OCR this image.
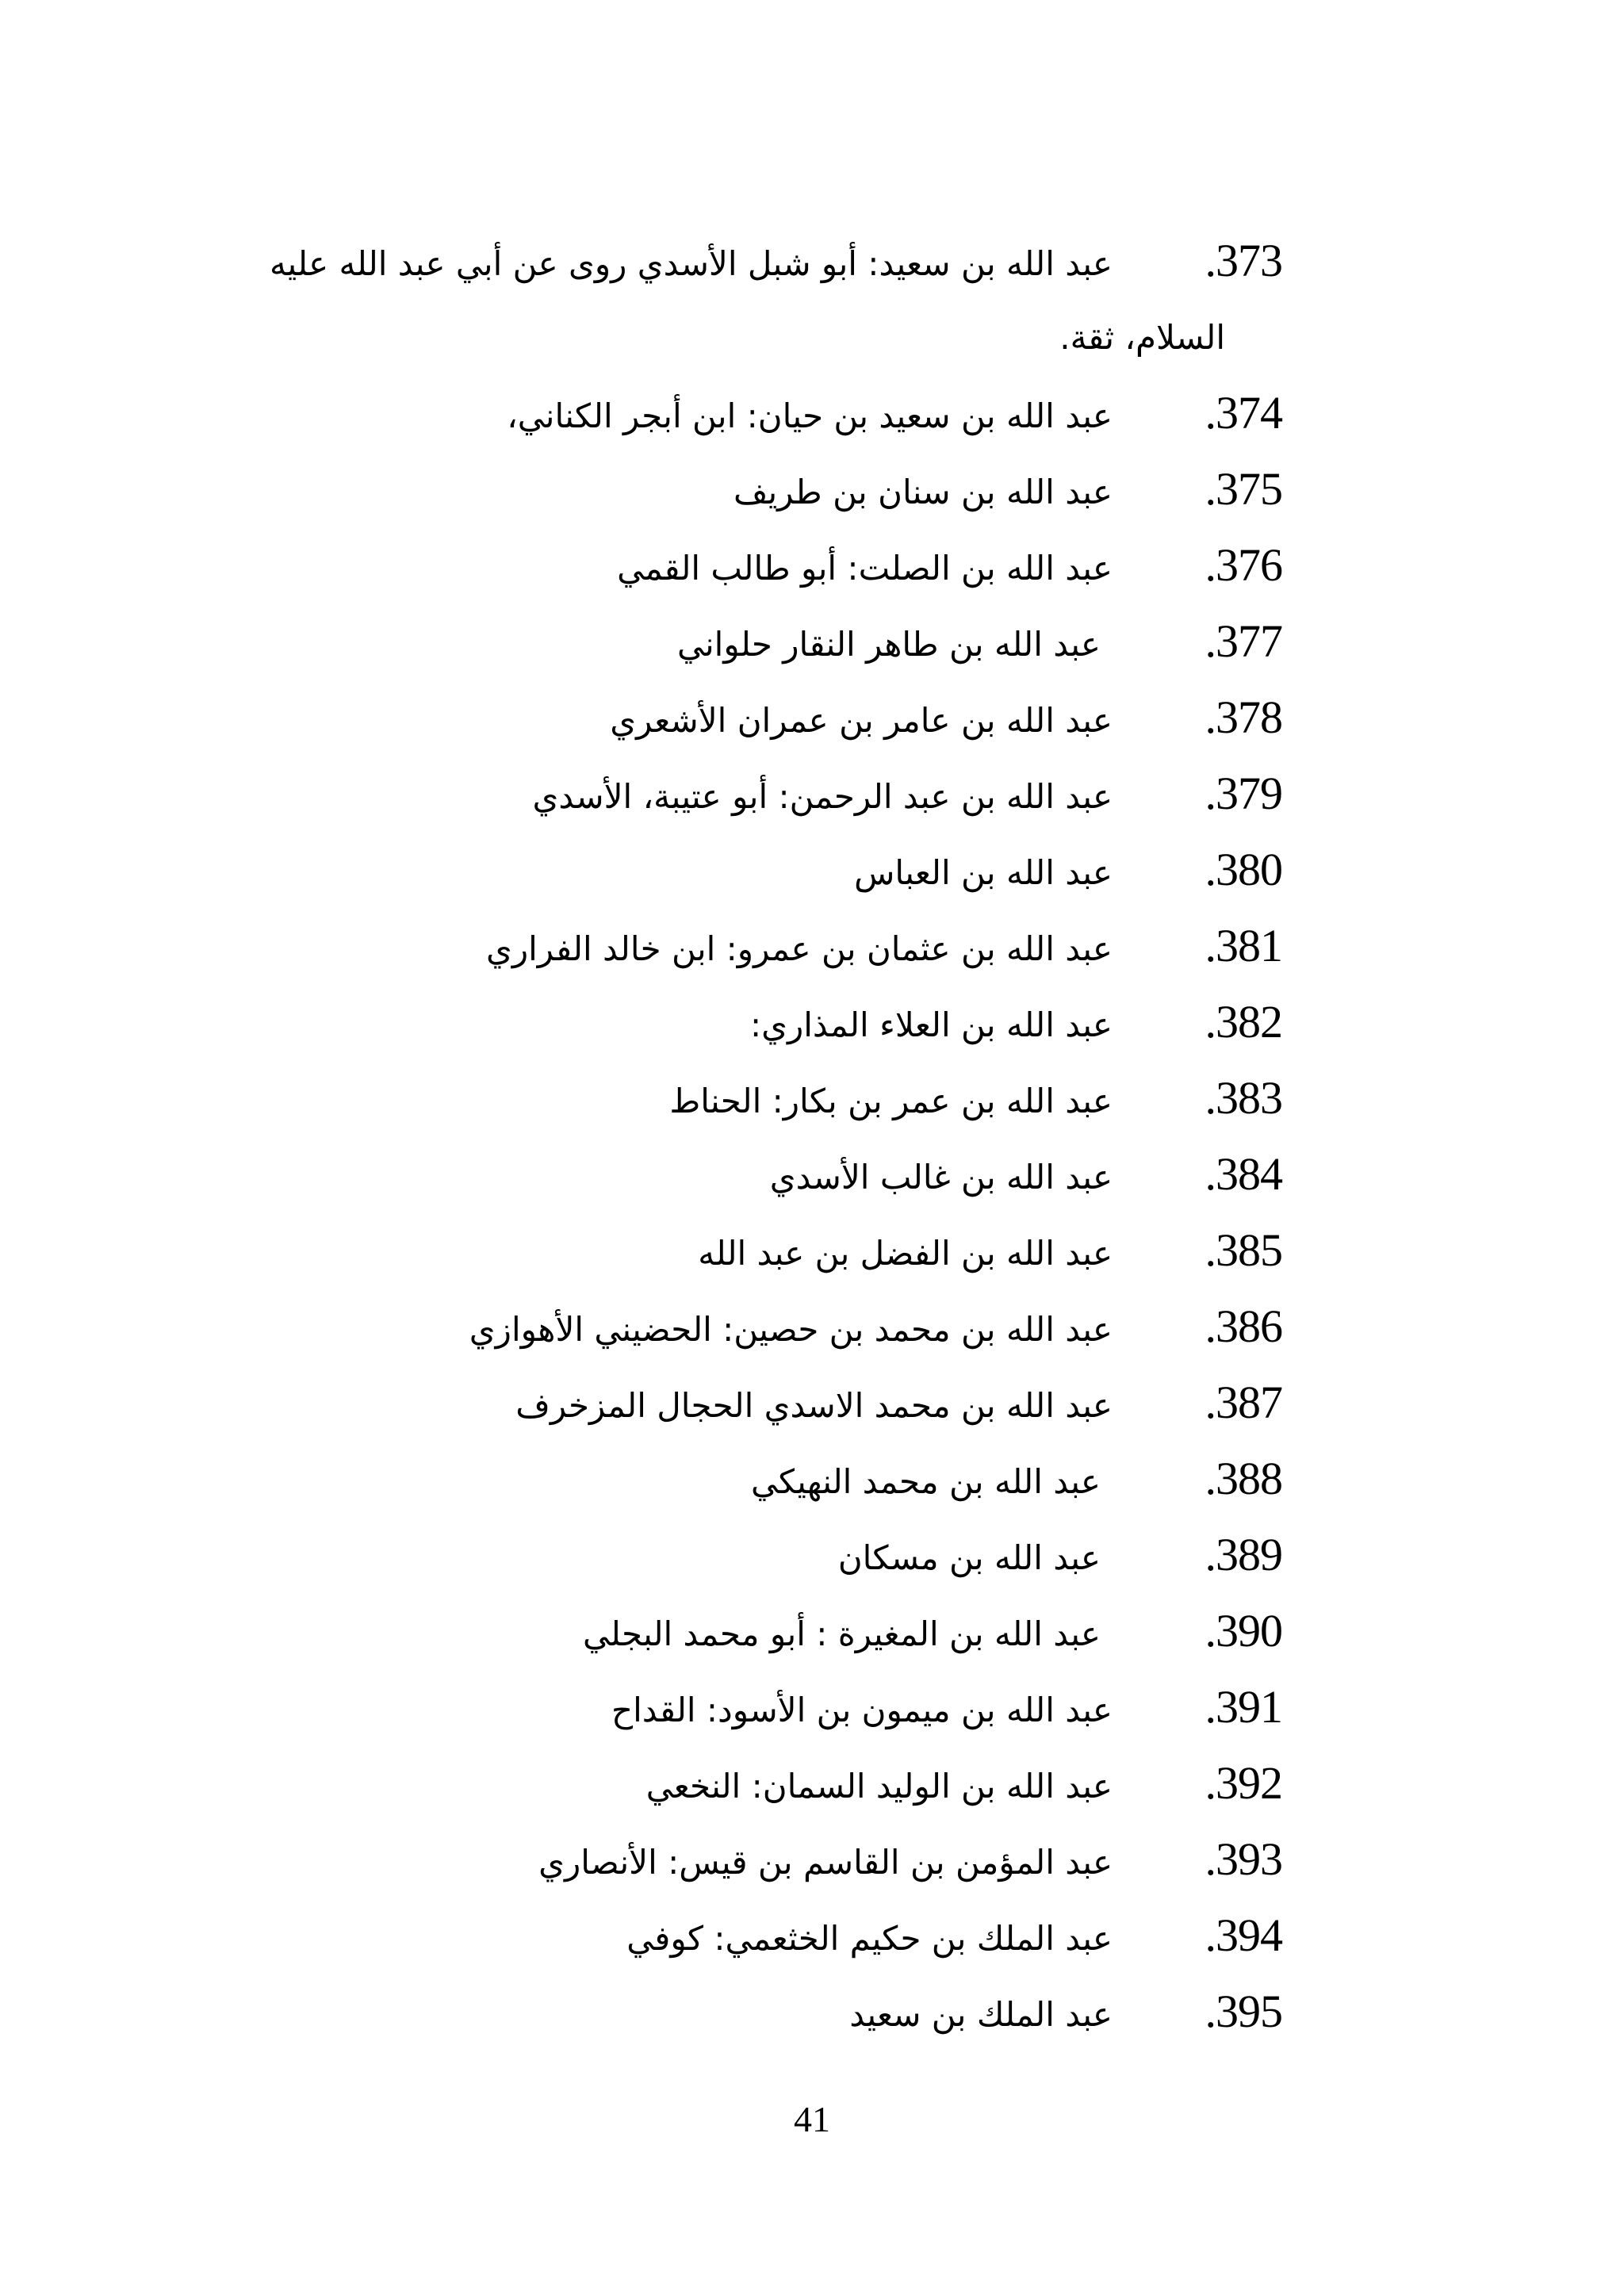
.373
عبد الله بن سعيد: أبو شبل الأسدي روى عن أبي عبد الله عليه
السلام، ثقة.
.374
عبد الله بن سعيد بن حيان: ابن أبجر الكناني،
.375
عبد الله بن سنان بن طريف
.376
عبد الله بن الصلت: أبو طالب القمي
.377
عبد الله بن طاهر النقار حلواني
.378
عبد الله بن عامر بن عمران الأشعري
.379
عبد الله بن عبد الرحمن: أبو عتيبة، الأسدي
.380
عبد الله بن العباس
.381
عبد الله بن عثمان بن عمرو: ابن خالد الفراري
.382
عبد الله بن العلاء المذاري:
.383
عبد الله بن عمر بن بكار: الحناط
.384
عبد الله بن غالب الأسدي
.385
عبد الله بن الفضل بن عبد الله
.386
عبد الله بن محمد بن حصين: الحضيني الأهوازي
.387
عبد الله بن محمد الاسدي الحجال المزخرف
.388
عبد الله بن محمد النهيكي
.389
عبد الله بن مسكان
.390
عبد الله بن المغيرة : أبو محمد البجلي
.391
عبد الله بن ميمون بن الأسود: القداح
.392
عبد الله بن الوليد السمان: النخعي
.393
عبد المؤمن بن القاسم بن قيس: الأنصاري
.394
عبد الملك بن حكيم الخثعمي: كوفي
.395
عبد الملك بن سعيد
41
